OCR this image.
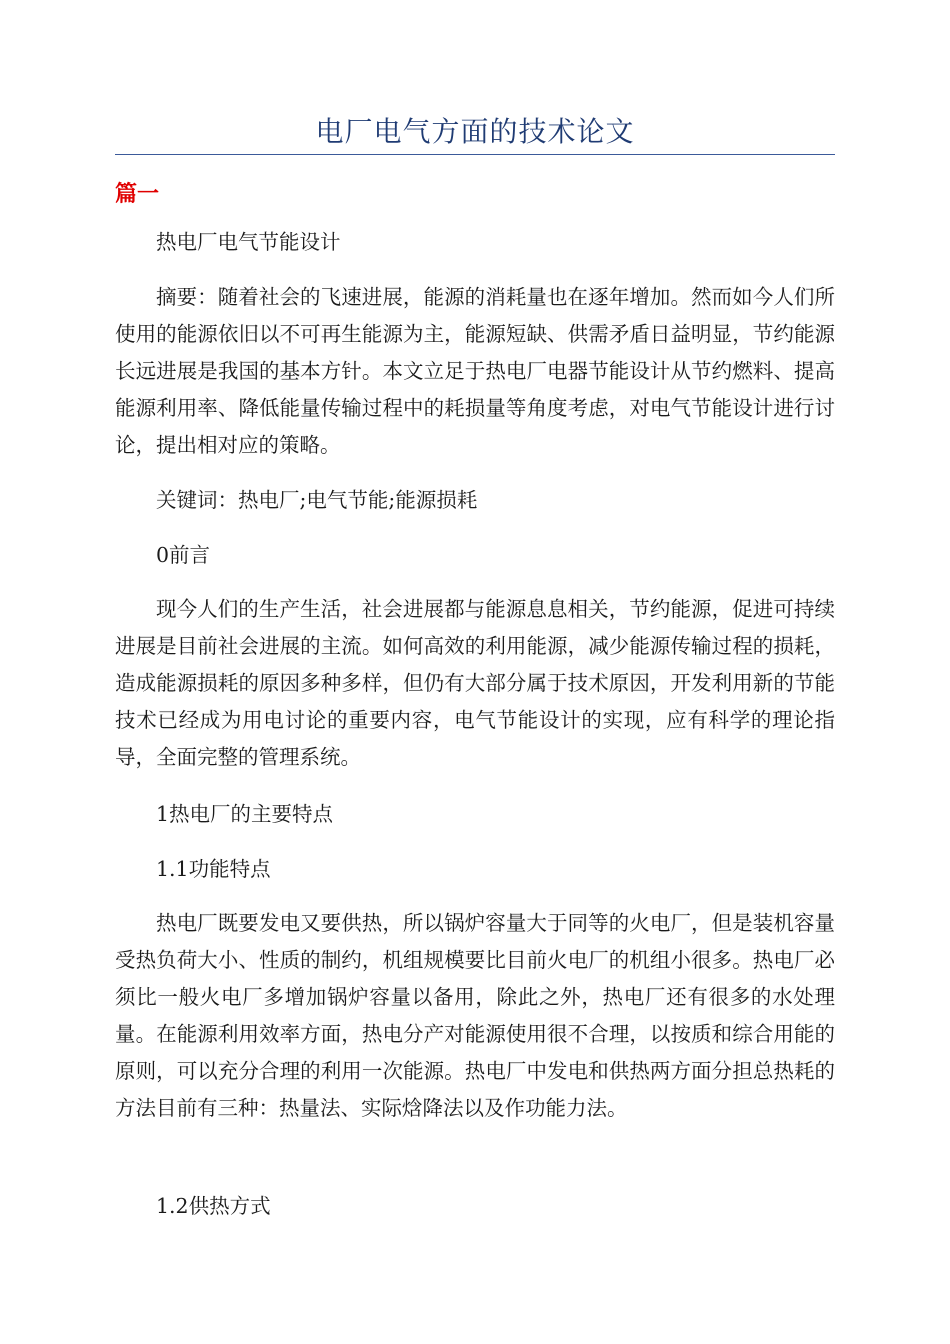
电厂电气方面的技术论文
篇一

热电厂电气节能设计

摘要：随着社会的飞速进展，能源的消耗量也在逐年增加。然而如今人们所使用的能源依旧以不可再生能源为主，能源短缺、供需矛盾日益明显，节约能源长远进展是我国的基本方针。本文立足于热电厂电器节能设计从节约燃料、提高能源利用率、降低能量传输过程中的耗损量等角度考虑，对电气节能设计进行讨论，提出相对应的策略。

关键词：热电厂;电气节能;能源损耗

0前言

现今人们的生产生活，社会进展都与能源息息相关，节约能源，促进可持续进展是目前社会进展的主流。如何高效的利用能源，减少能源传输过程的损耗，造成能源损耗的原因多种多样，但仍有大部分属于技术原因，开发利用新的节能技术已经成为用电讨论的重要内容，电气节能设计的实现，应有科学的理论指导，全面完整的管理系统。

1热电厂的主要特点

1.1功能特点

热电厂既要发电又要供热，所以锅炉容量大于同等的火电厂，但是装机容量受热负荷大小、性质的制约，机组规模要比目前火电厂的机组小很多。热电厂必须比一般火电厂多增加锅炉容量以备用，除此之外，热电厂还有很多的水处理量。在能源利用效率方面，热电分产对能源使用很不合理，以按质和综合用能的原则，可以充分合理的利用一次能源。热电厂中发电和供热两方面分担总热耗的方法目前有三种：热量法、实际焓降法以及作功能力法。

1.2供热方式
